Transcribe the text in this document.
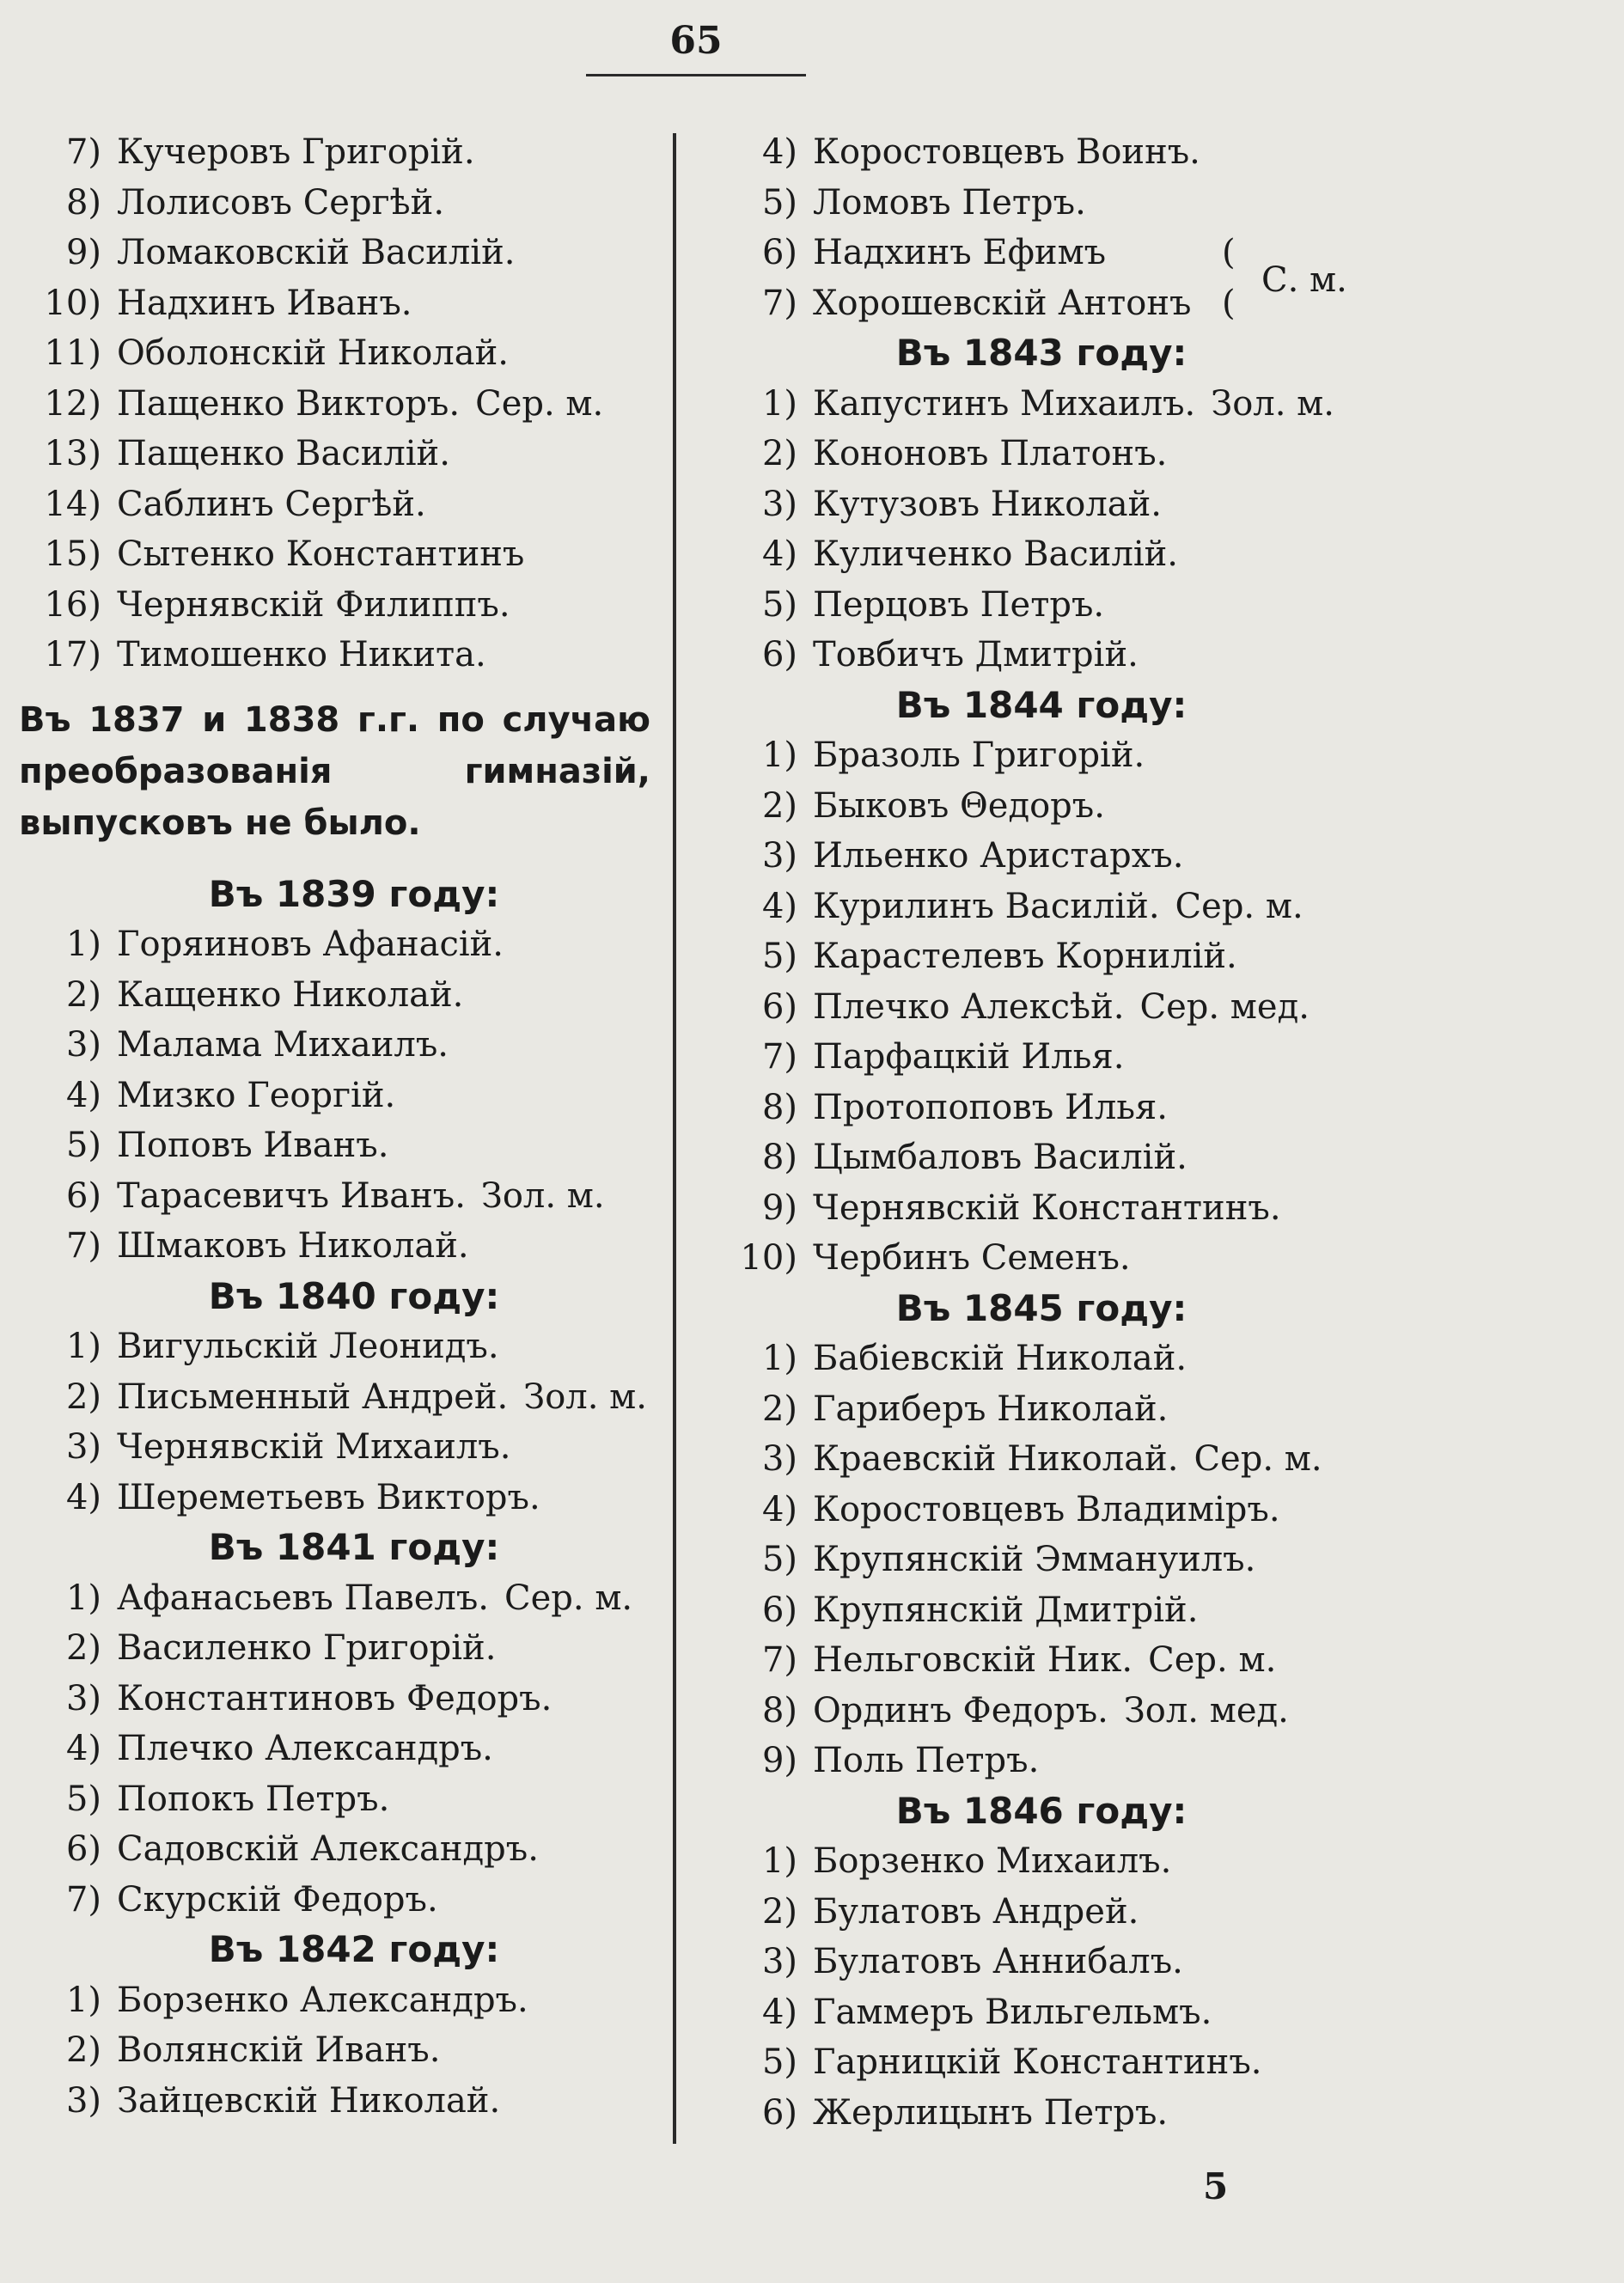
65
7) Кучеровъ Григорій.
8) Лолисовъ Сергѣй.
9) Ломаковскій Василій.
10) Надхинъ Иванъ.
11) Оболонскій Николай.
12) Пащенко Викторъ. Сер. м.
13) Пащенко Василій.
14) Саблинъ Сергѣй.
15) Сытенко Константинъ
16) Чернявскій Филиппъ.
17) Тимошенко Никита.
Въ 1837 и 1838 г.г. по случаю преобразованія гимназій, выпусковъ не было.
Въ 1839 году:
1) Горяиновъ Афанасій.
2) Кащенко Николай.
3) Малама Михаилъ.
4) Мизко Георгій.
5) Поповъ Иванъ.
6) Тарасевичъ Иванъ. Зол. м.
7) Шмаковъ Николай.
Въ 1840 году:
1) Вигульскій Леонидъ.
2) Письменный Андрей. Зол. м.
3) Чернявскій Михаилъ.
4) Шереметьевъ Викторъ.
Въ 1841 году:
1) Афанасьевъ Павелъ. Сер. м.
2) Василенко Григорій.
3) Константиновъ Федоръ.
4) Плечко Александръ.
5) Попокъ Петръ.
6) Садовскій Александръ.
7) Скурскій Федоръ.
Въ 1842 году:
1) Борзенко Александръ.
2) Волянскій Иванъ.
3) Зайцевскій Николай.
4) Коростовцевъ Воинъ.
5) Ломовъ Петръ.
6) Надхинъ Ефимъ
7) Хорошевскій Антонъ
(
(
С. м.
Въ 1843 году:
1) Капустинъ Михаилъ. Зол. м.
2) Кононовъ Платонъ.
3) Кутузовъ Николай.
4) Куличенко Василій.
5) Перцовъ Петръ.
6) Товбичъ Дмитрій.
Въ 1844 году:
1) Бразоль Григорій.
2) Быковъ Θедоръ.
3) Ильенко Аристархъ.
4) Курилинъ Василій. Сер. м.
5) Карастелевъ Корнилій.
6) Плечко Алексѣй. Сер. мед.
7) Парфацкій Илья.
8) Протопоповъ Илья.
8) Цымбаловъ Василій.
9) Чернявскій Константинъ.
10) Чербинъ Семенъ.
Въ 1845 году:
1) Бабіевскій Николай.
2) Гариберъ Николай.
3) Краевскій Николай. Сер. м.
4) Коростовцевъ Владиміръ.
5) Крупянскій Эммануилъ.
6) Крупянскій Дмитрій.
7) Нельговскій Ник. Сер. м.
8) Ординъ Федоръ. Зол. мед.
9) Поль Петръ.
Въ 1846 году:
1) Борзенко Михаилъ.
2) Булатовъ Андрей.
3) Булатовъ Аннибалъ.
4) Гаммеръ Вильгельмъ.
5) Гарницкій Константинъ.
6) Жерлицынъ Петръ.
5
